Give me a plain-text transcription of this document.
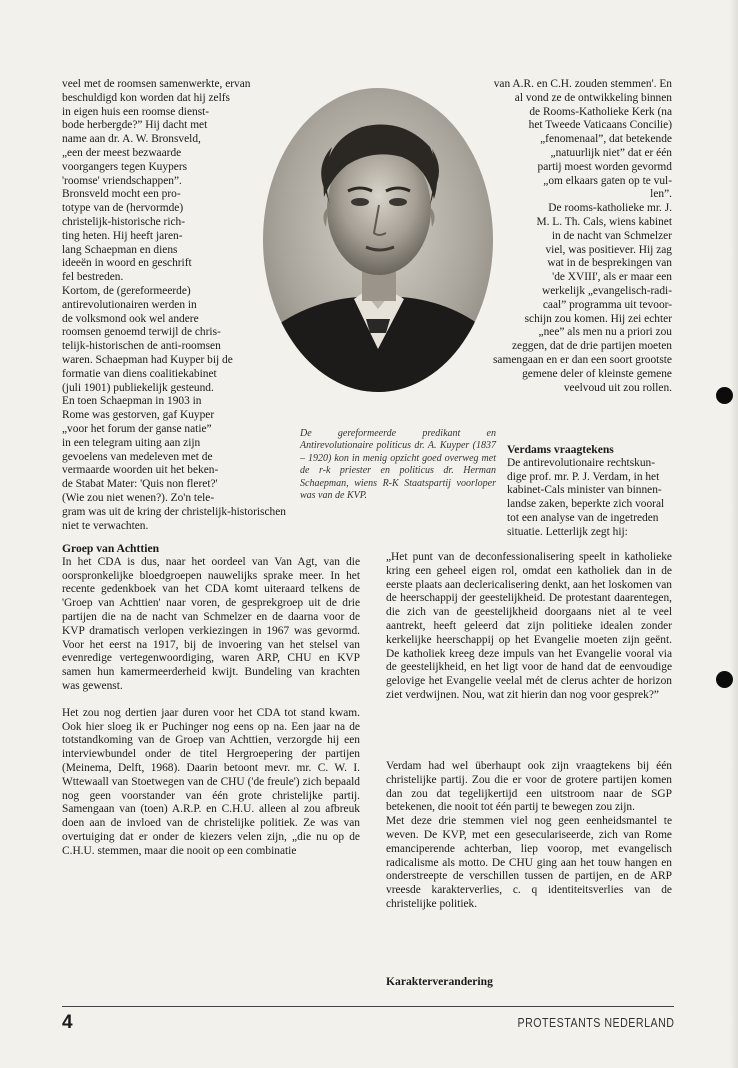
veel met de roomsen samenwerkte, ervan
beschuldigd kon worden dat hij zelfs
in eigen huis een roomse dienst-
bode herbergde?” Hij dacht met
name aan dr. A. W. Bronsveld,
„een der meest bezwaarde
voorgangers tegen Kuypers
'roomse' vriendschappen”.
Bronsveld mocht een pro-
totype van de (hervormde)
christelijk-historische rich-
ting heten. Hij heeft jaren-
lang Schaepman en diens
ideeën in woord en geschrift
fel bestreden.
Kortom, de (gereformeerde)
antirevolutionairen werden in
de volksmond ook wel andere
roomsen genoemd terwijl de chris-
telijk-historischen de anti-roomsen
waren. Schaepman had Kuyper bij de
formatie van diens coalitiekabinet
(juli 1901) publiekelijk gesteund.
En toen Schaepman in 1903 in
Rome was gestorven, gaf Kuyper
„voor het forum der ganse natie”
in een telegram uiting aan zijn
gevoelens van medeleven met de
vermaarde woorden uit het beken-
de Stabat Mater: 'Quis non fleret?'
(Wie zou niet wenen?). Zo'n tele-
gram was uit de kring der christelijk-historischen
niet te verwachten.
De gereformeerde predikant en Antirevolutionaire politicus dr. A. Kuyper (1837 – 1920) kon in menig opzicht goed overweg met de r-k priester en politicus dr. Herman Schaepman, wiens R-K Staatspartij voorloper was van de KVP.

Groep van Achttien

In het CDA is dus, naar het oordeel van Van Agt, van die oorspronkelijke bloedgroepen nauwelijks sprake meer. In het recente gedenkboek van het CDA komt uiteraard telkens de 'Groep van Achttien' naar voren, de gesprekgroep uit de drie partijen die na de nacht van Schmelzer en de daarna voor de KVP dramatisch verlopen verkiezingen in 1967 was gevormd. Voor het eerst na 1917, bij de invoering van het stelsel van evenredige vertegenwoordiging, waren ARP, CHU en KVP samen hun kamermeerderheid kwijt. Bundeling van krachten was gewenst.

Het zou nog dertien jaar duren voor het CDA tot stand kwam. Ook hier sloeg ik er Puchinger nog eens op na. Een jaar na de totstandkoming van de Groep van Achttien, verzorgde hij een interviewbundel onder de titel Hergroepering der partijen (Meinema, Delft, 1968). Daarin betoont mevr. mr. C. W. I. Wttewaall van Stoetwegen van de CHU ('de freule') zich bepaald nog geen voorstander van één grote christelijke partij. Samengaan van (toen) A.R.P. en C.H.U. alleen al zou afbreuk doen aan de invloed van de christelijke politiek. Ze was van overtuiging dat er onder de kiezers velen zijn, „die nu op de C.H.U. stemmen, maar die nooit op een combinatie

van A.R. en C.H. zouden stemmen'. En
al vond ze de ontwikkeling binnen
de Rooms-Katholieke Kerk (na
het Tweede Vaticaans Concilie)
„fenomenaal”, dat betekende
„natuurlijk niet” dat er één
partij moest worden gevormd
„om elkaars gaten op te vul-
len”.
De rooms-katholieke mr. J.
M. L. Th. Cals, wiens kabinet
in de nacht van Schmelzer
viel, was positiever. Hij zag
wat in de besprekingen van
'de XVIII', als er maar een
werkelijk „evangelisch-radi-
caal” programma uit tevoor-
schijn zou komen. Hij zei echter
„nee” als men nu a priori zou
zeggen, dat de drie partijen moeten
samengaan en er dan een soort grootste
gemene deler of kleinste gemene
veelvoud uit zou rollen.
Verdams vraagtekens
De antirevolutionaire rechtskun-
dige prof. mr. P. J. Verdam, in het
kabinet-Cals minister van binnen-
landse zaken, beperkte zich vooral
tot een analyse van de ingetreden
situatie. Letterlijk zegt hij:

„Het punt van de deconfessionalisering speelt in katholieke kring een geheel eigen rol, omdat een katholiek dan in de eerste plaats aan declericalisering denkt, aan het loskomen van de heerschappij der geestelijkheid. De protestant daarentegen, die zich van de geestelijkheid doorgaans niet al te veel aantrekt, heeft geleerd dat zijn politieke idealen zonder kerkelijke heerschappij op het Evangelie moeten zijn geënt. De katholiek kreeg deze impuls van het Evangelie vooral via de geestelijkheid, en het ligt voor de hand dat de eenvoudige gelovige het Evangelie veelal mét de clerus achter de horizon ziet verdwijnen. Nou, wat zit hierin dan nog voor gesprek?”

Verdam had wel überhaupt ook zijn vraagtekens bij één christelijke partij. Zou die er voor de grotere partijen komen dan zou dat tegelijkertijd een uitstroom naar de SGP betekenen, die nooit tot één partij te bewegen zou zijn.

Met deze drie stemmen viel nog geen eenheidsmantel te weven. De KVP, met een geseculariseerde, zich van Rome emanciperende achterban, liep voorop, met evangelisch radicalisme als motto. De CHU ging aan het touw hangen en onderstreepte de verschillen tussen de partijen, en de ARP vreesde karakterverlies, c. q identiteitsverlies van de christelijke politiek.

Karakterverandering

4	PROTESTANTS NEDERLAND
